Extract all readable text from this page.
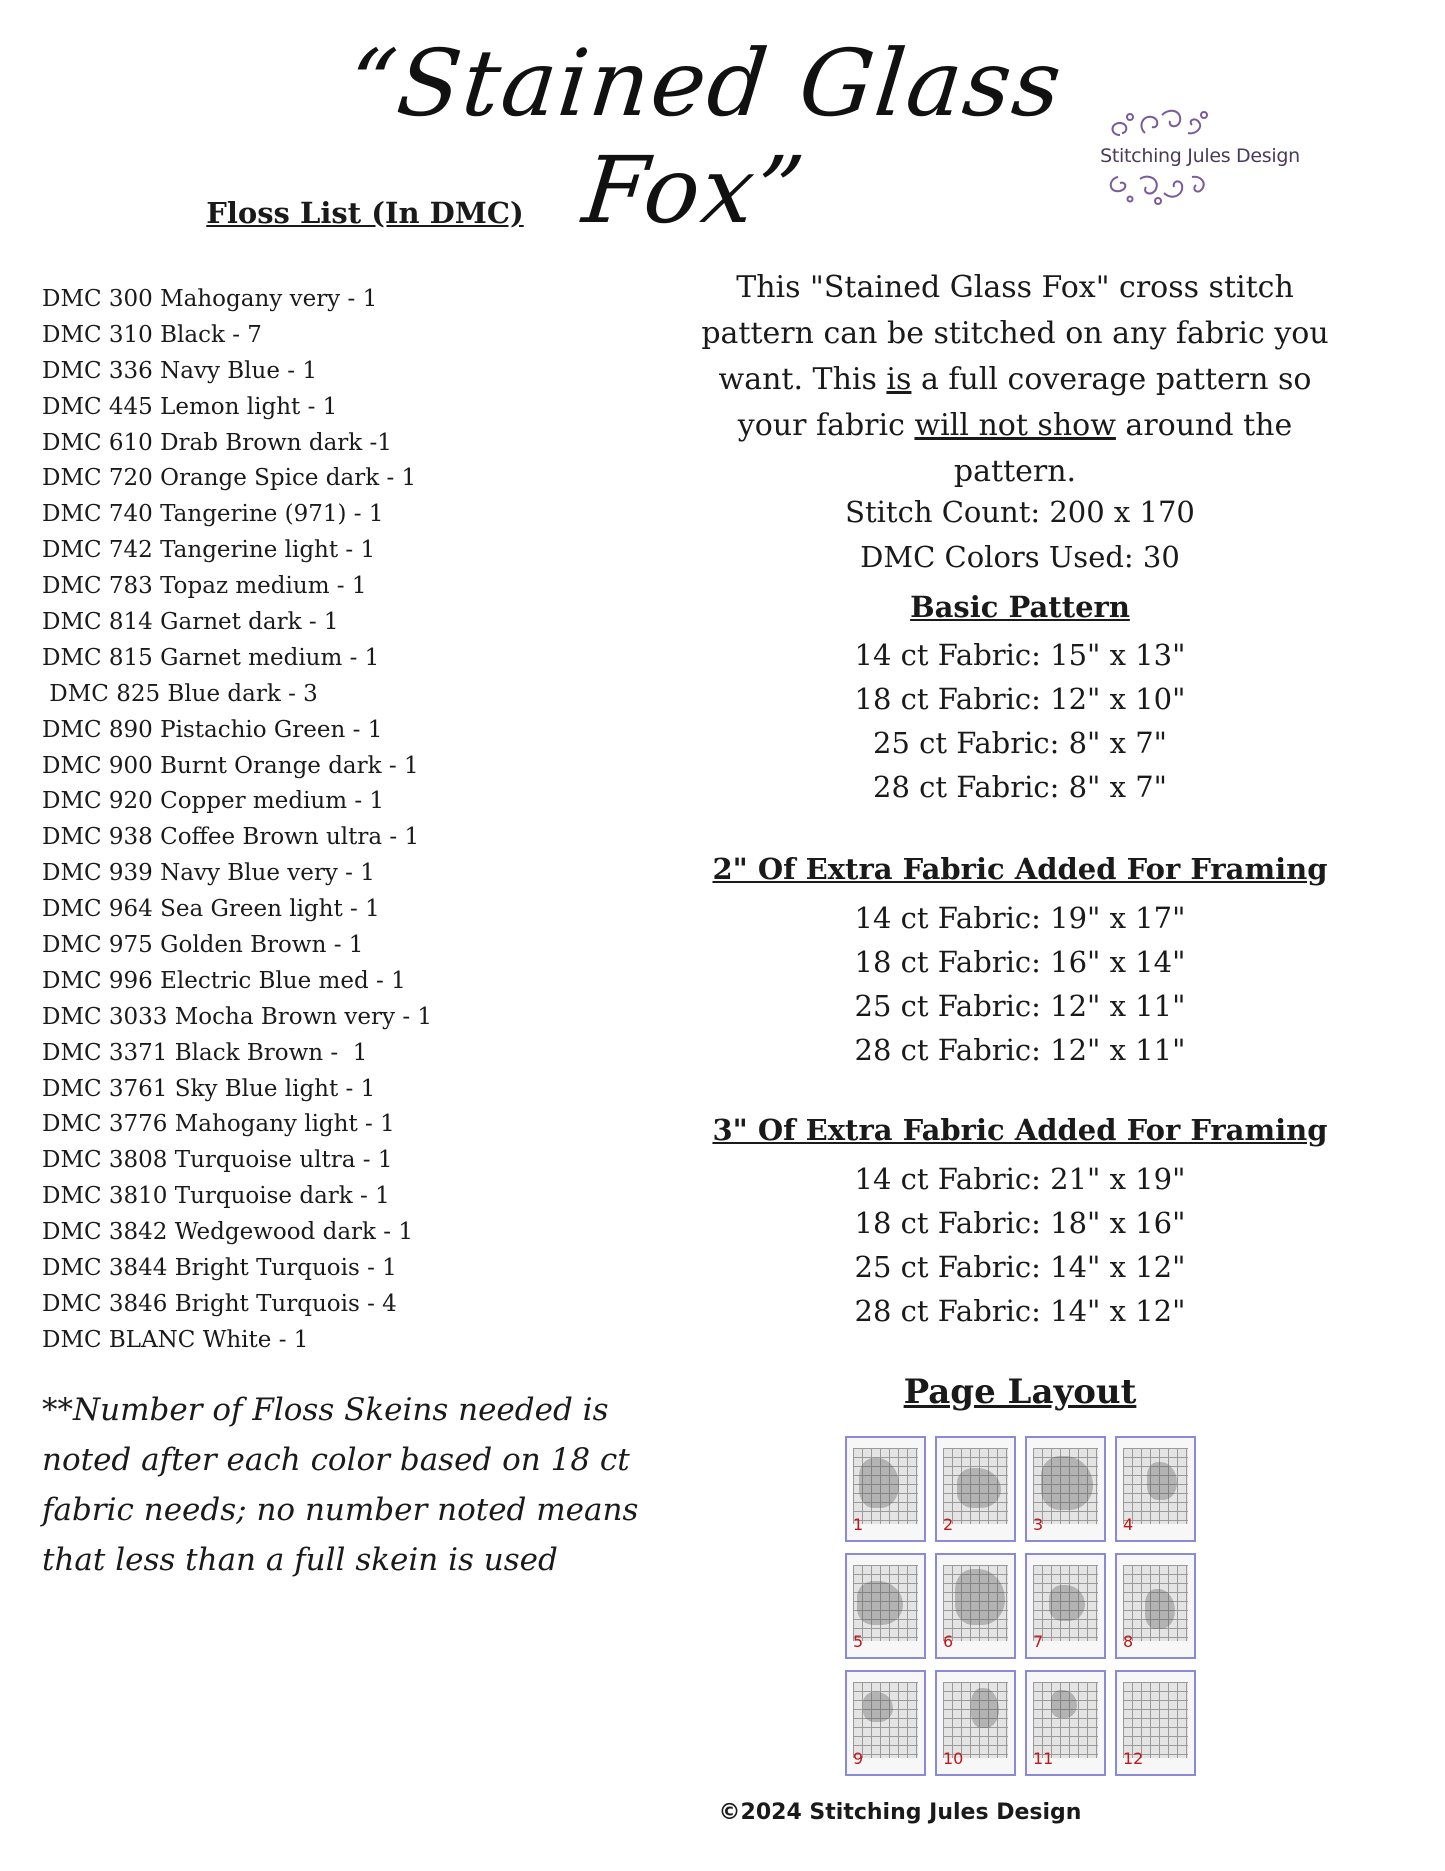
“Stained Glass Fox”	Stitching Jules Design
Floss List (In DMC)
DMC 300 Mahogany very - 1
DMC 310 Black - 7
DMC 336 Navy Blue - 1
DMC 445 Lemon light - 1
DMC 610 Drab Brown dark -1
DMC 720 Orange Spice dark - 1
DMC 740 Tangerine (971) - 1
DMC 742 Tangerine light - 1
DMC 783 Topaz medium - 1
DMC 814 Garnet dark - 1
DMC 815 Garnet medium - 1
DMC 825 Blue dark - 3
DMC 890 Pistachio Green - 1
DMC 900 Burnt Orange dark - 1
DMC 920 Copper medium - 1
DMC 938 Coffee Brown ultra - 1
DMC 939 Navy Blue very - 1
DMC 964 Sea Green light - 1
DMC 975 Golden Brown - 1
DMC 996 Electric Blue med - 1
DMC 3033 Mocha Brown very - 1
DMC 3371 Black Brown -  1
DMC 3761 Sky Blue light - 1
DMC 3776 Mahogany light - 1
DMC 3808 Turquoise ultra - 1
DMC 3810 Turquoise dark - 1
DMC 3842 Wedgewood dark - 1
DMC 3844 Bright Turquois - 1
DMC 3846 Bright Turquois - 4
DMC BLANC White - 1
**Number of Floss Skeins needed is noted after each color based on 18 ct fabric needs; no number noted means that less than a full skein is used
This "Stained Glass Fox" cross stitch pattern can be stitched on any fabric you want. This is a full coverage pattern so your fabric will not show around the pattern.
Stitch Count: 200 x 170
DMC Colors Used: 30
Basic Pattern
14 ct Fabric: 15" x 13"
18 ct Fabric: 12" x 10"
25 ct Fabric: 8" x 7"
28 ct Fabric: 8" x 7"
2" Of Extra Fabric Added For Framing
14 ct Fabric: 19" x 17"
18 ct Fabric: 16" x 14"
25 ct Fabric: 12" x 11"
28 ct Fabric: 12" x 11"
3" Of Extra Fabric Added For Framing
14 ct Fabric: 21" x 19"
18 ct Fabric: 18" x 16"
25 ct Fabric: 14" x 12"
28 ct Fabric: 14" x 12"
Page Layout
1	2	3	4
5	6	7	8
9	10	11	12
©2024 Stitching Jules Design
